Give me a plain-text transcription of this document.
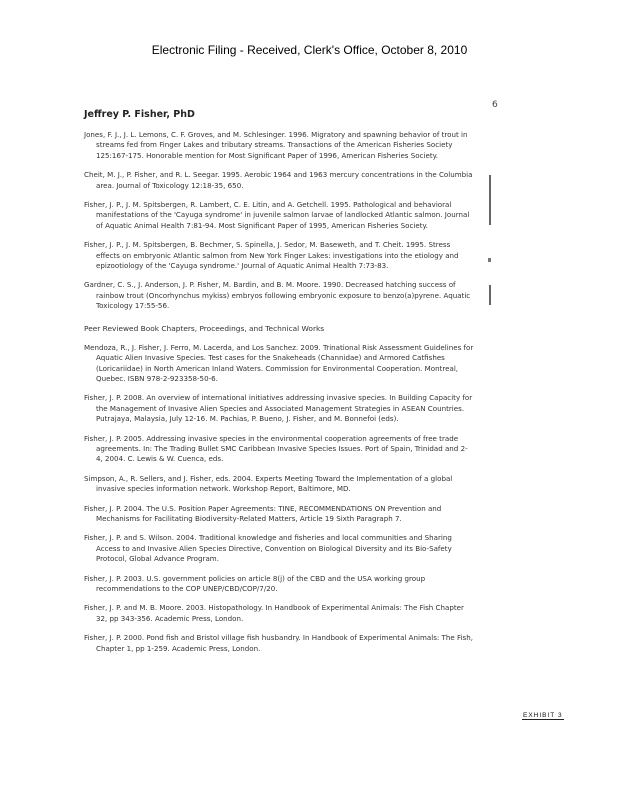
Electronic Filing - Received, Clerk's Office, October 8, 2010
6
Jeffrey P. Fisher, PhD

Jones, F. J., J. L. Lemons, C. F. Groves, and M. Schlesinger. 1996. Migratory and spawning behavior of trout in streams fed from Finger Lakes and tributary streams. Transactions of the American Fisheries Society 125:167-175. Honorable mention for Most Significant Paper of 1996, American Fisheries Society.

Cheit, M. J., P. Fisher, and R. L. Seegar. 1995. Aerobic 1964 and 1963 mercury concentrations in the Columbia area. Journal of Toxicology 12:18-35, 650.

Fisher, J. P., J. M. Spitsbergen, R. Lambert, C. E. Litin, and A. Getchell. 1995. Pathological and behavioral manifestations of the 'Cayuga syndrome' in juvenile salmon larvae of landlocked Atlantic salmon. Journal of Aquatic Animal Health 7:81-94. Most Significant Paper of 1995, American Fisheries Society.

Fisher, J. P., J. M. Spitsbergen, B. Bechmer, S. Spinella, J. Sedor, M. Baseweth, and T. Cheit. 1995. Stress effects on embryonic Atlantic salmon from New York Finger Lakes: investigations into the etiology and epizootiology of the 'Cayuga syndrome.' Journal of Aquatic Animal Health 7:73-83.

Gardner, C. S., J. Anderson, J. P. Fisher, M. Bardin, and B. M. Moore. 1990. Decreased hatching success of rainbow trout (Oncorhynchus mykiss) embryos following embryonic exposure to benzo(a)pyrene. Aquatic Toxicology 17:55-56.

Peer Reviewed Book Chapters, Proceedings, and Technical Works

Mendoza, R., J. Fisher, J. Ferro, M. Lacerda, and Los Sanchez. 2009. Trinational Risk Assessment Guidelines for Aquatic Alien Invasive Species. Test cases for the Snakeheads (Channidae) and Armored Catfishes (Loricariidae) in North American Inland Waters. Commission for Environmental Cooperation. Montreal, Quebec. ISBN 978-2-923358-50-6.

Fisher, J. P. 2008. An overview of international initiatives addressing invasive species. In Building Capacity for the Management of Invasive Alien Species and Associated Management Strategies in ASEAN Countries. Putrajaya, Malaysia, July 12-16. M. Pachias, P. Bueno, J. Fisher, and M. Bonnefoi (eds).

Fisher, J. P. 2005. Addressing invasive species in the environmental cooperation agreements of free trade agreements. In: The Trading Bullet SMC Caribbean Invasive Species Issues. Port of Spain, Trinidad and 2-4, 2004. C. Lewis & W. Cuenca, eds.

Simpson, A., R. Sellers, and J. Fisher, eds. 2004. Experts Meeting Toward the Implementation of a global invasive species information network. Workshop Report, Baltimore, MD.

Fisher, J. P. 2004. The U.S. Position Paper Agreements: TINE, RECOMMENDATIONS ON Prevention and Mechanisms for Facilitating Biodiversity-Related Matters, Article 19 Sixth Paragraph 7.

Fisher, J. P. and S. Wilson. 2004. Traditional knowledge and fisheries and local communities and Sharing Access to and Invasive Alien Species Directive, Convention on Biological Diversity and its Bio-Safety Protocol, Global Advance Program.

Fisher, J. P. 2003. U.S. government policies on article 8(j) of the CBD and the USA working group recommendations to the COP UNEP/CBD/COP/7/20.

Fisher, J. P. and M. B. Moore. 2003. Histopathology. In Handbook of Experimental Animals: The Fish Chapter 32, pp 343-356. Academic Press, London.

Fisher, J. P. 2000. Pond fish and Bristol village fish husbandry. In Handbook of Experimental Animals: The Fish, Chapter 1, pp 1-259. Academic Press, London.

EXHIBIT 3
